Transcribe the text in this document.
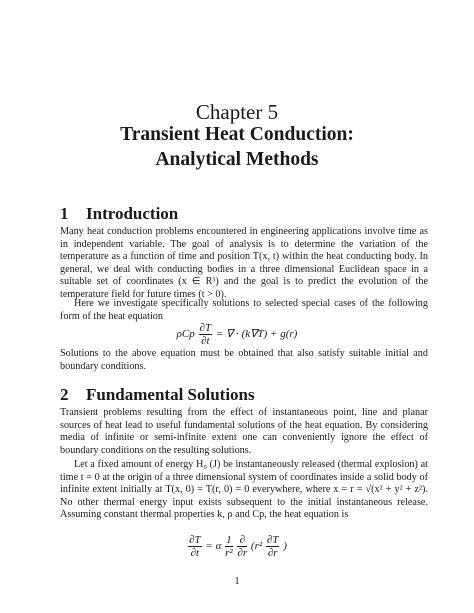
Chapter 5
Transient Heat Conduction:
Analytical Methods
1 Introduction
Many heat conduction problems encountered in engineering applications involve time as in independent variable. The goal of analysis is to determine the variation of the temperature as a function of time and position T(x, t) within the heat conducting body. In general, we deal with conducting bodies in a three dimensional Euclidean space in a suitable set of coordinates (x ∈ R³) and the goal is to predict the evolution of the temperature field for future times (t > 0).
Here we investigate specifically solutions to selected special cases of the following form of the heat equation
ρCp $\frac{\partial T}{\partial t}$ = ∇ · (k∇T) + g(r)
Solutions to the above equation must be obtained that also satisfy suitable initial and boundary conditions.
2 Fundamental Solutions
Transient problems resulting from the effect of instantaneous point, line and planar sources of heat lead to useful fundamental solutions of the heat equation. By considering media of infinite or semi-infinite extent one can conveniently ignore the effect of boundary conditions on the resulting solutions.
Let a fixed amount of energy H₀ (J) be instantaneously released (thermal explosion) at time t = 0 at the origin of a three dimensional system of coordinates inside a solid body of infinite extent initially at T(x, 0) = T(r, 0) = 0 everywhere, where x = r = √(x² + y² + z²). No other thermal energy input exists subsequent to the initial instantaneous release. Assuming constant thermal properties k, ρ and Cp, the heat equation is
$\frac{\partial T}{\partial t} = \alpha \frac{1}{\text{r²}}$
$\frac{\partial}{\partial r} (r^2 \frac{\partial T}{\partial r}$ )
1
